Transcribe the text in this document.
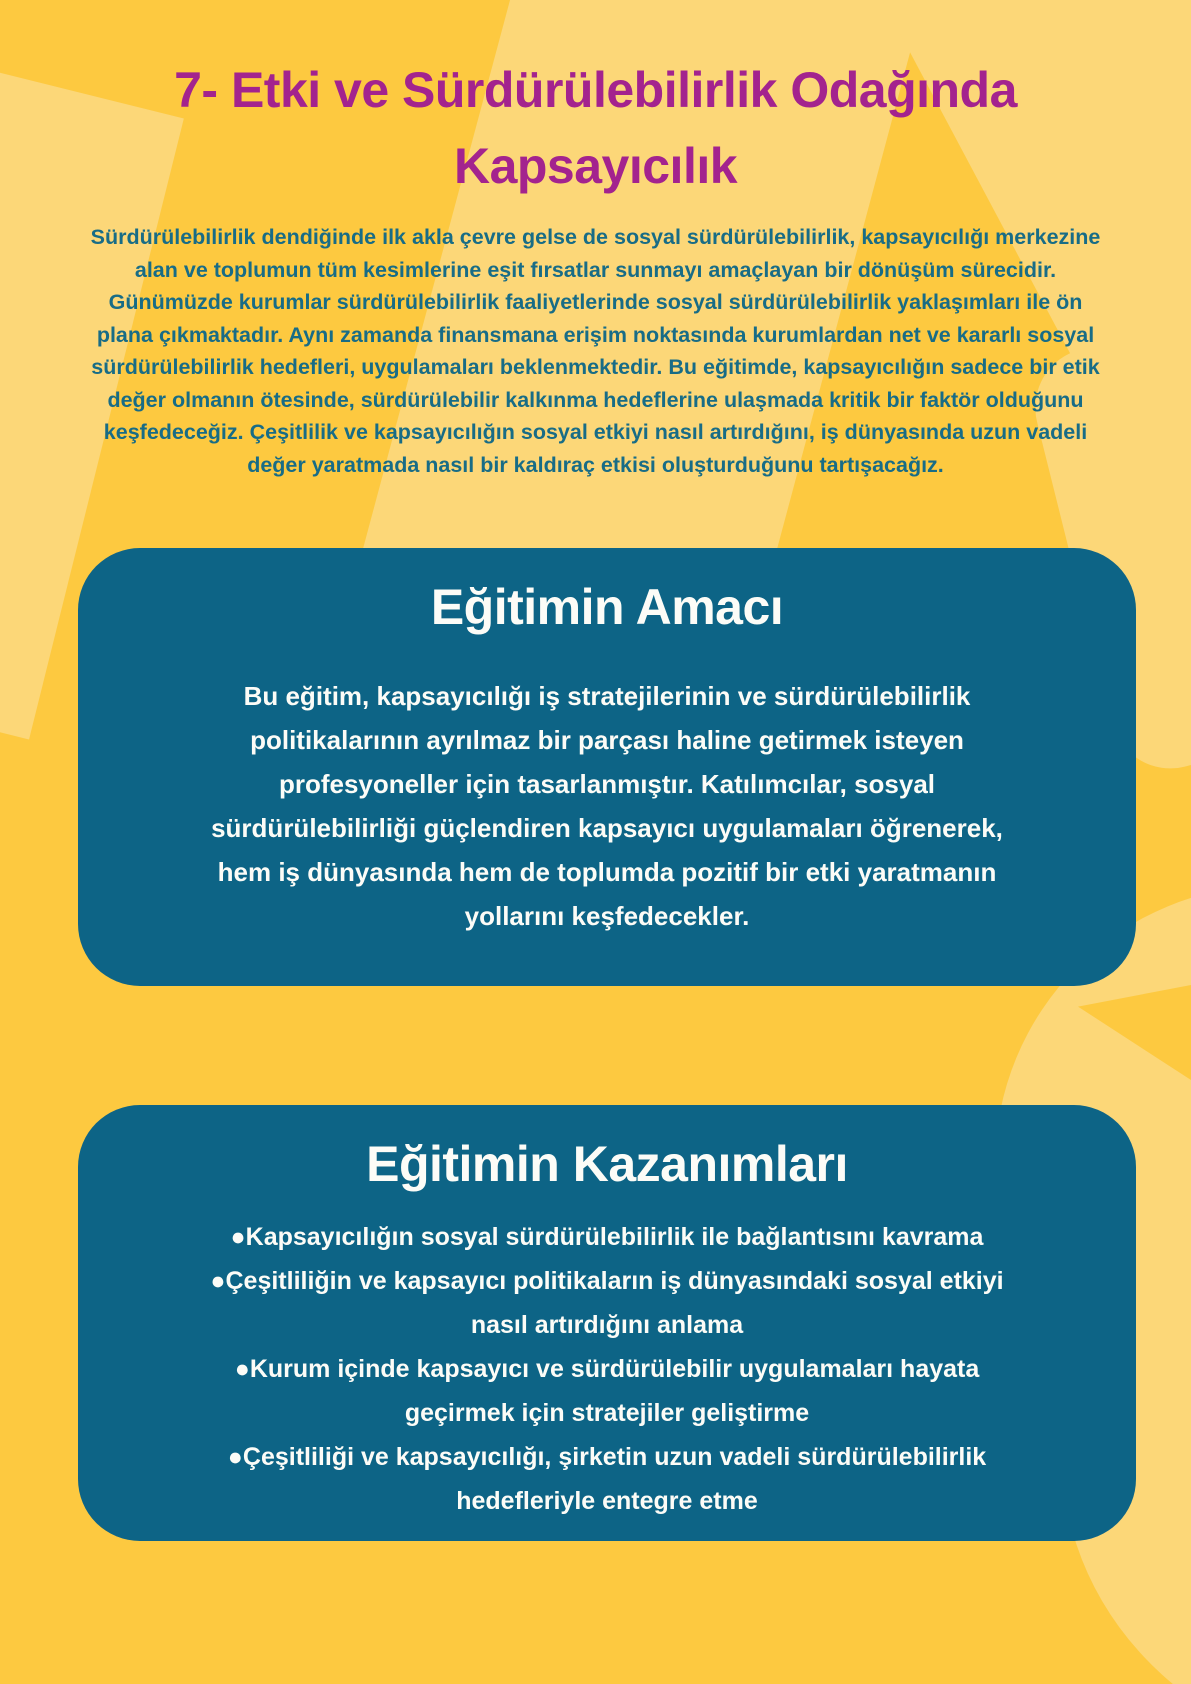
7- Etki ve Sürdürülebilirlik Odağında
Kapsayıcılık
Sürdürülebilirlik dendiğinde ilk akla çevre gelse de sosyal sürdürülebilirlik, kapsayıcılığı merkezine
alan ve toplumun tüm kesimlerine eşit fırsatlar sunmayı amaçlayan bir dönüşüm sürecidir.
Günümüzde kurumlar sürdürülebilirlik faaliyetlerinde sosyal sürdürülebilirlik yaklaşımları ile ön
plana çıkmaktadır. Aynı zamanda finansmana erişim noktasında kurumlardan net ve kararlı sosyal
sürdürülebilirlik hedefleri, uygulamaları beklenmektedir. Bu eğitimde, kapsayıcılığın sadece bir etik
değer olmanın ötesinde, sürdürülebilir kalkınma hedeflerine ulaşmada kritik bir faktör olduğunu
keşfedeceğiz. Çeşitlilik ve kapsayıcılığın sosyal etkiyi nasıl artırdığını, iş dünyasında uzun vadeli
değer yaratmada nasıl bir kaldıraç etkisi oluşturduğunu tartışacağız.
Eğitimin Amacı
Bu eğitim, kapsayıcılığı iş stratejilerinin ve sürdürülebilirlik
politikalarının ayrılmaz bir parçası haline getirmek isteyen
profesyoneller için tasarlanmıştır. Katılımcılar, sosyal
sürdürülebilirliği güçlendiren kapsayıcı uygulamaları öğrenerek,
hem iş dünyasında hem de toplumda pozitif bir etki yaratmanın
yollarını keşfedecekler.
Eğitimin Kazanımları
●Kapsayıcılığın sosyal sürdürülebilirlik ile bağlantısını kavrama
●Çeşitliliğin ve kapsayıcı politikaların iş dünyasındaki sosyal etkiyi
nasıl artırdığını anlama
●Kurum içinde kapsayıcı ve sürdürülebilir uygulamaları hayata
geçirmek için stratejiler geliştirme
●Çeşitliliği ve kapsayıcılığı, şirketin uzun vadeli sürdürülebilirlik
hedefleriyle entegre etme
